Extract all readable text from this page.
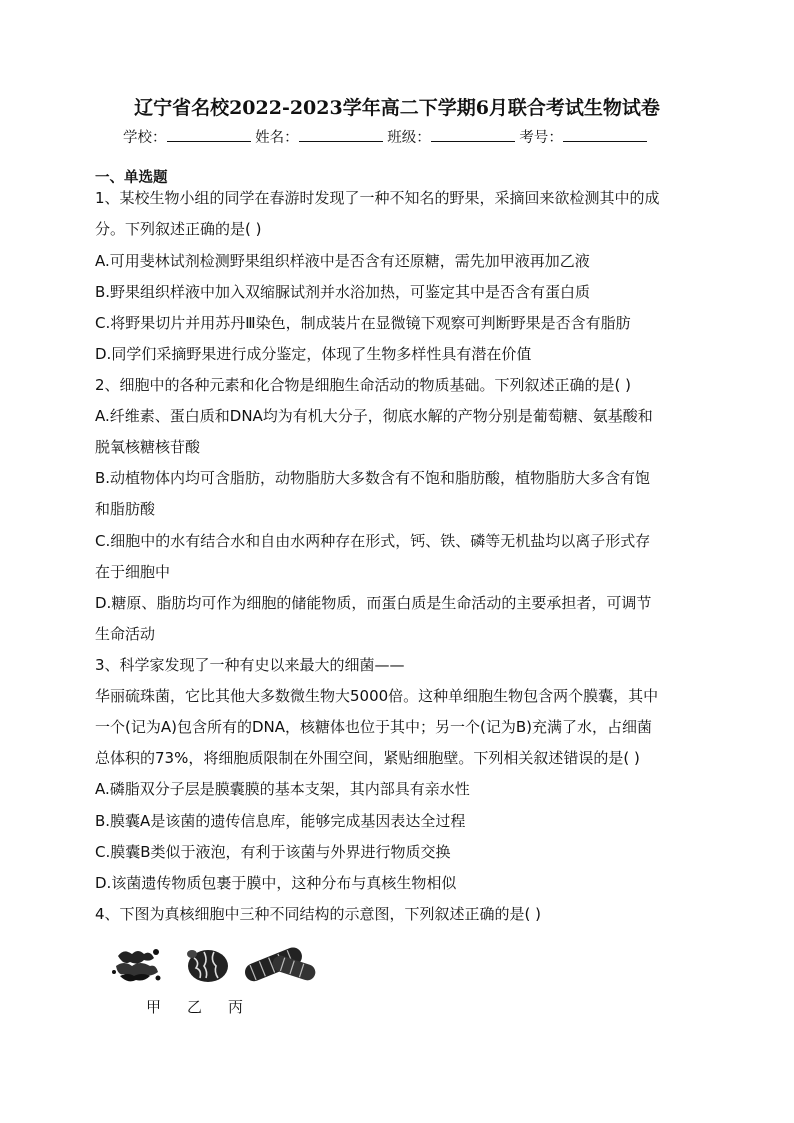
辽宁省名校2022-2023学年高二下学期6月联合考试生物试卷
学校：	姓名：	班级：	考号：
一、单选题
1、某校生物小组的同学在春游时发现了一种不知名的野果，采摘回来欲检测其中的成
分。下列叙述正确的是( )
A.可用斐林试剂检测野果组织样液中是否含有还原糖，需先加甲液再加乙液
B.野果组织样液中加入双缩脲试剂并水浴加热，可鉴定其中是否含有蛋白质
C.将野果切片并用苏丹Ⅲ染色，制成装片在显微镜下观察可判断野果是否含有脂肪
D.同学们采摘野果进行成分鉴定，体现了生物多样性具有潜在价值
2、细胞中的各种元素和化合物是细胞生命活动的物质基础。下列叙述正确的是( )
A.纤维素、蛋白质和DNA均为有机大分子，彻底水解的产物分别是葡萄糖、氨基酸和
脱氧核糖核苷酸
B.动植物体内均可含脂肪，动物脂肪大多数含有不饱和脂肪酸，植物脂肪大多含有饱
和脂肪酸
C.细胞中的水有结合水和自由水两种存在形式，钙、铁、磷等无机盐均以离子形式存
在于细胞中
D.糖原、脂肪均可作为细胞的储能物质，而蛋白质是生命活动的主要承担者，可调节
生命活动
3、科学家发现了一种有史以来最大的细菌——
华丽硫珠菌，它比其他大多数微生物大5000倍。这种单细胞生物包含两个膜囊，其中
一个(记为A)包含所有的DNA，核糖体也位于其中；另一个(记为B)充满了水，占细菌
总体积的73%，将细胞质限制在外围空间，紧贴细胞壁。下列相关叙述错误的是( )
A.磷脂双分子层是膜囊膜的基本支架，其内部具有亲水性
B.膜囊A是该菌的遗传信息库，能够完成基因表达全过程
C.膜囊B类似于液泡，有利于该菌与外界进行物质交换
D.该菌遗传物质包裹于膜中，这种分布与真核生物相似
4、下图为真核细胞中三种不同结构的示意图，下列叙述正确的是( )
甲 乙 丙
